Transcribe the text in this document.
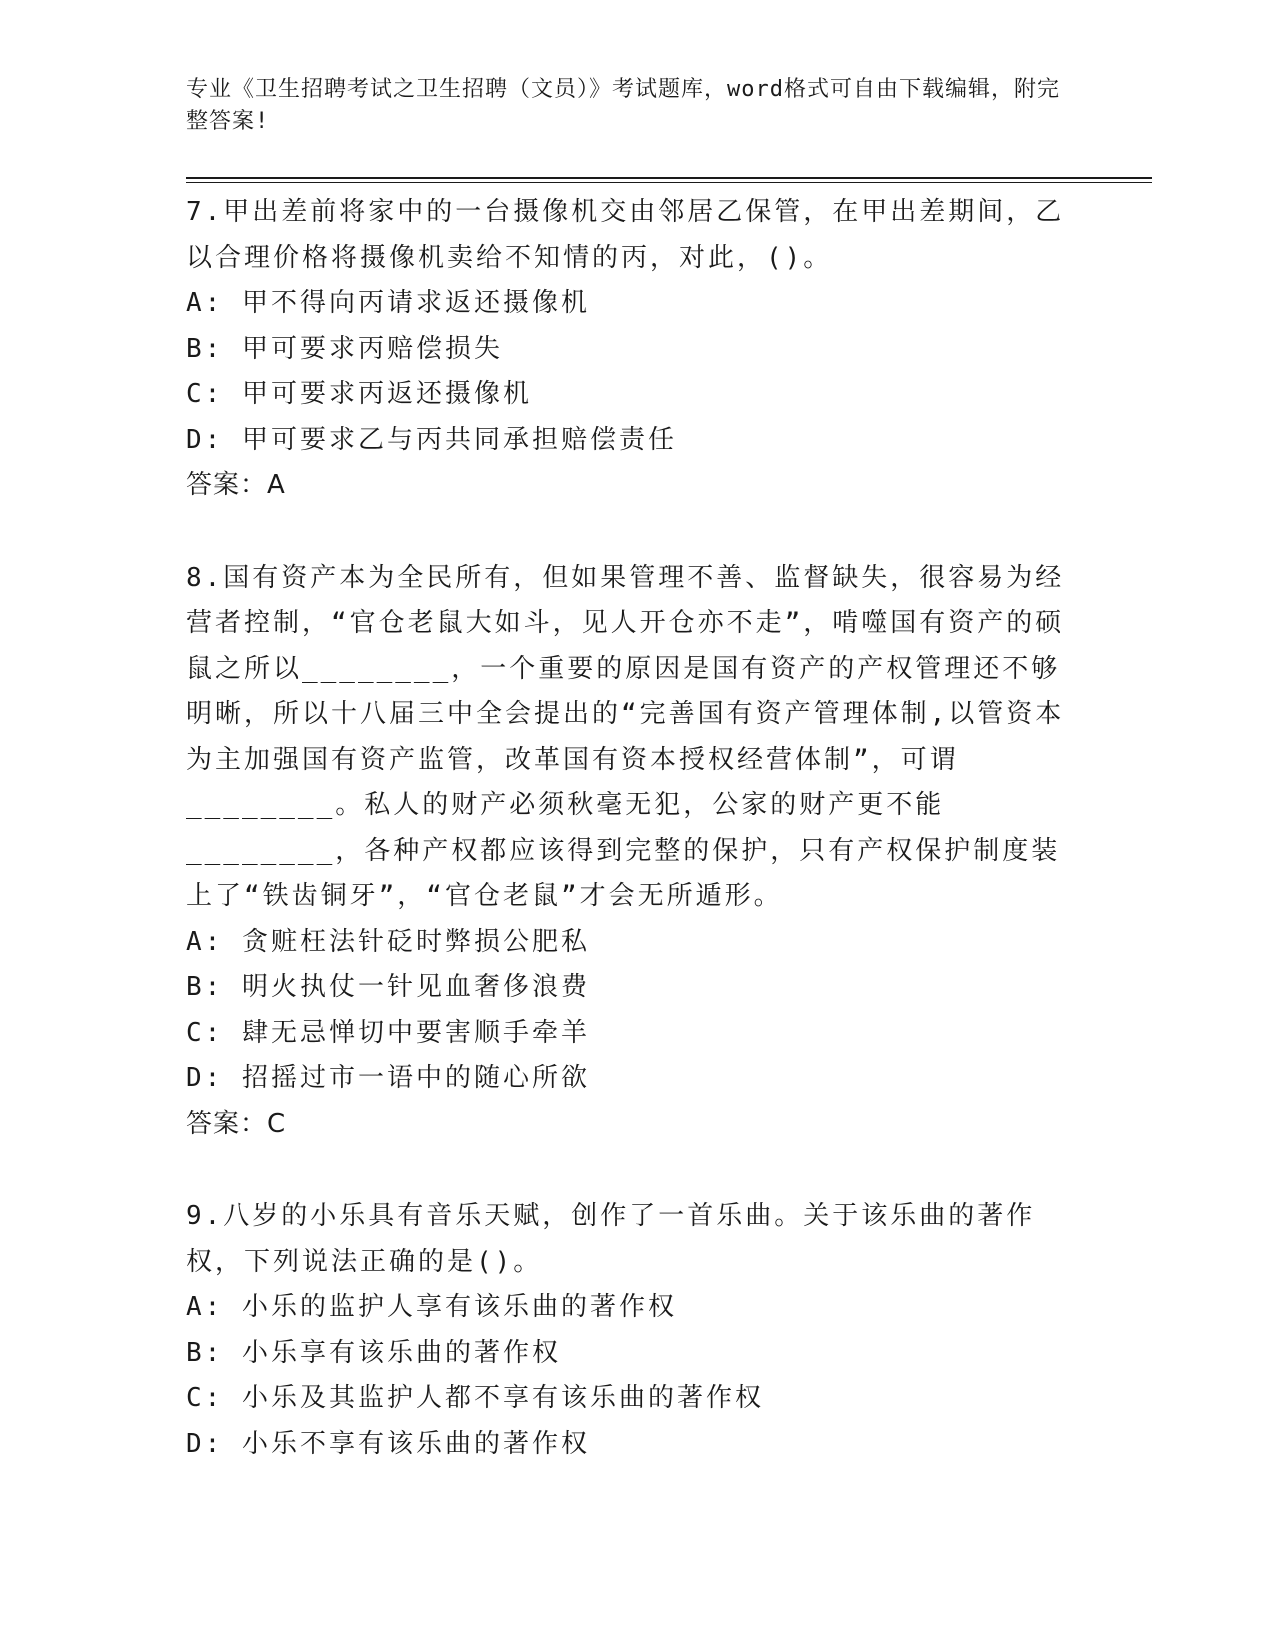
专业《卫生招聘考试之卫生招聘（文员）》考试题库，word格式可自由下载编辑，附完整答案!

7.甲出差前将家中的一台摄像机交由邻居乙保管，在甲出差期间，乙以合理价格将摄像机卖给不知情的丙，对此，()。

A: 甲不得向丙请求返还摄像机

B: 甲可要求丙赔偿损失

C: 甲可要求丙返还摄像机

D: 甲可要求乙与丙共同承担赔偿责任

答案：A

8.国有资产本为全民所有，但如果管理不善、监督缺失，很容易为经营者控制，“官仓老鼠大如斗，见人开仓亦不走”，啃噬国有资产的硕鼠之所以________，一个重要的原因是国有资产的产权管理还不够明晰，所以十八届三中全会提出的“完善国有资产管理体制,以管资本为主加强国有资产监管，改革国有资本授权经营体制”，可谓________。私人的财产必须秋毫无犯，公家的财产更不能________，各种产权都应该得到完整的保护，只有产权保护制度装上了“铁齿铜牙”，“官仓老鼠”才会无所遁形。

A: 贪赃枉法针砭时弊损公肥私

B: 明火执仗一针见血奢侈浪费

C: 肆无忌惮切中要害顺手牵羊

D: 招摇过市一语中的随心所欲

答案：C

9.八岁的小乐具有音乐天赋，创作了一首乐曲。关于该乐曲的著作权，下列说法正确的是()。

A: 小乐的监护人享有该乐曲的著作权

B: 小乐享有该乐曲的著作权

C: 小乐及其监护人都不享有该乐曲的著作权

D: 小乐不享有该乐曲的著作权
